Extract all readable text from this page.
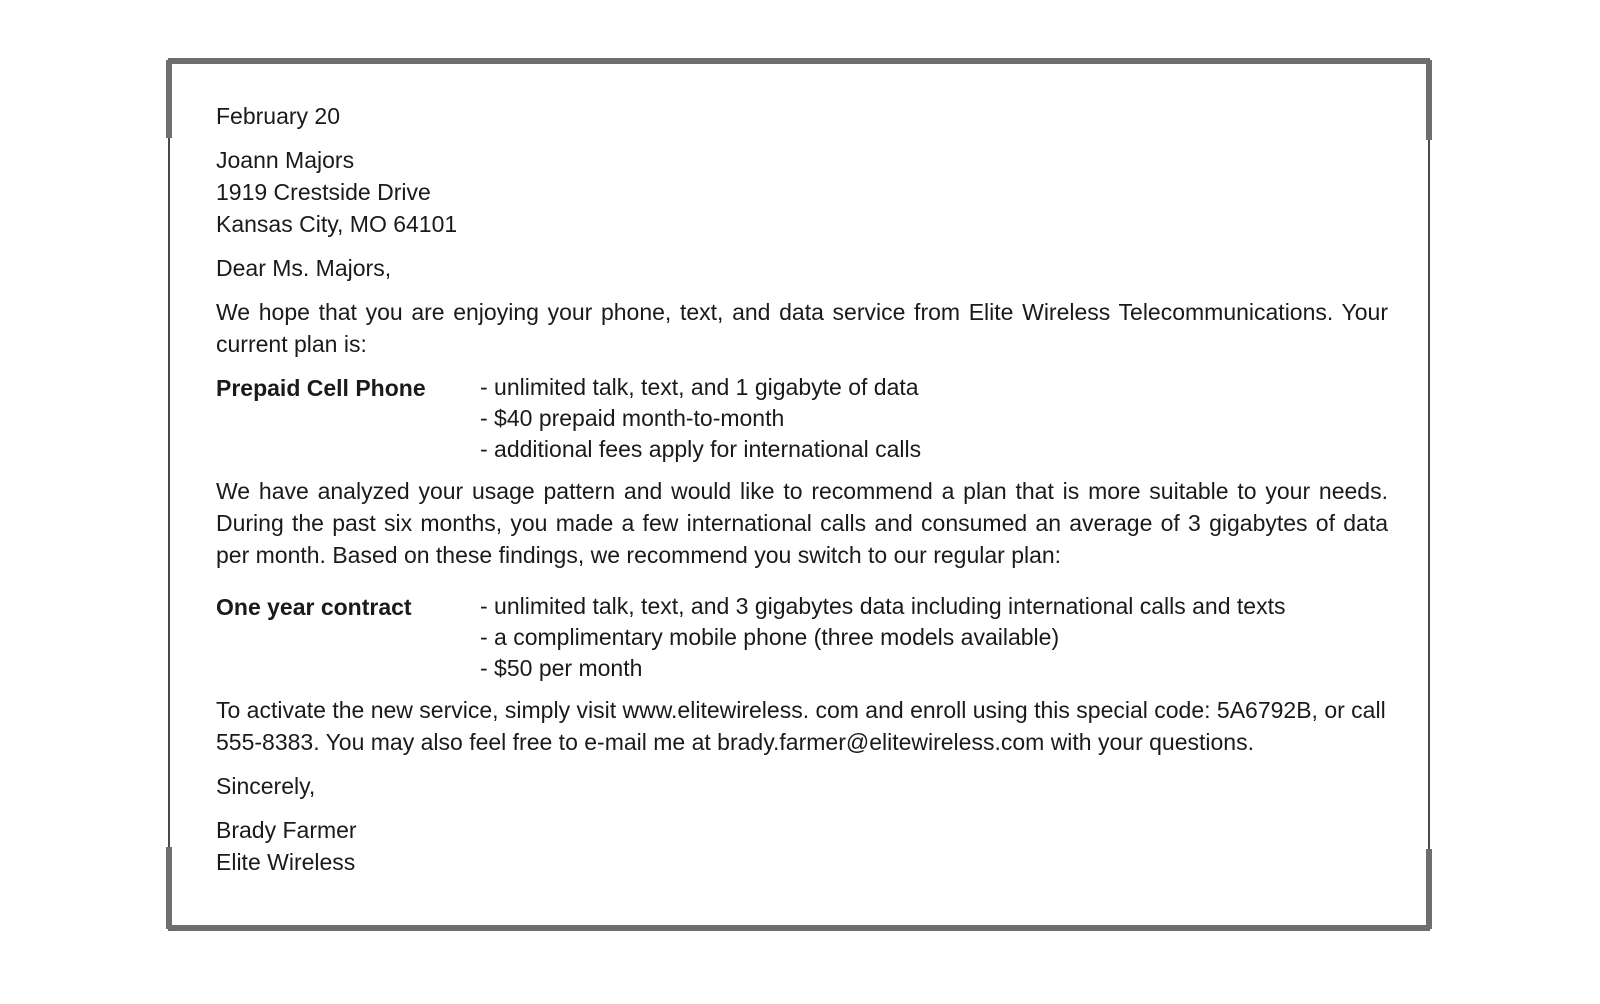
February 20

Joann Majors
1919 Crestside Drive
Kansas City, MO 64101

Dear Ms. Majors,

We hope that you are enjoying your phone, text, and data service from Elite Wireless Telecommunications. Your current plan is:

Prepaid Cell Phone	- unlimited talk, text, and 1 gigabyte of data
- $40 prepaid month-to-month
- additional fees apply for international calls

We have analyzed your usage pattern and would like to recommend a plan that is more suitable to your needs. During the past six months, you made a few international calls and consumed an average of 3 gigabytes of data per month. Based on these findings, we recommend you switch to our regular plan:

One year contract	- unlimited talk, text, and 3 gigabytes data including international calls and texts
- a complimentary mobile phone (three models available)
- $50 per month

To activate the new service, simply visit www.elitewireless. com and enroll using this special code: 5A6792B, or call 555-8383. You may also feel free to e-mail me at brady.farmer@elitewireless.com with your questions.

Sincerely,

Brady Farmer
Elite Wireless
